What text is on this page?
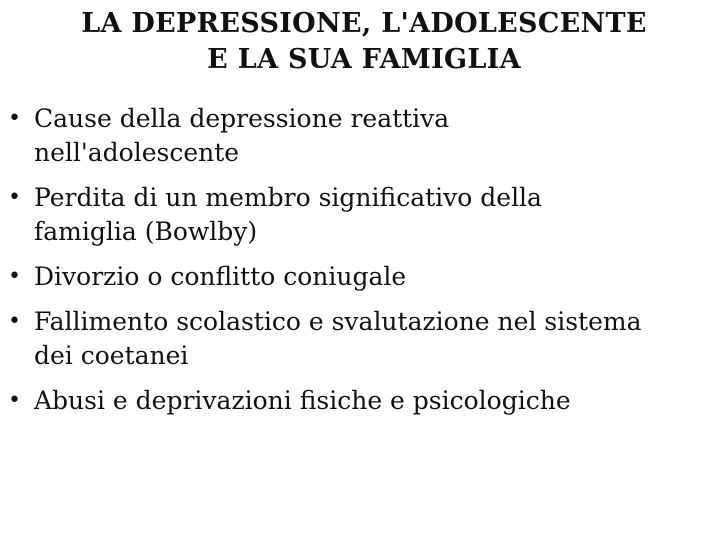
LA DEPRESSIONE, L'ADOLESCENTE
E LA SUA FAMIGLIA
• Cause della depressione reattiva
nell'adolescente
• Perdita di un membro significativo della
famiglia (Bowlby)
• Divorzio o conflitto coniugale
• Fallimento scolastico e svalutazione nel sistema
dei coetanei
• Abusi e deprivazioni fisiche e psicologiche
